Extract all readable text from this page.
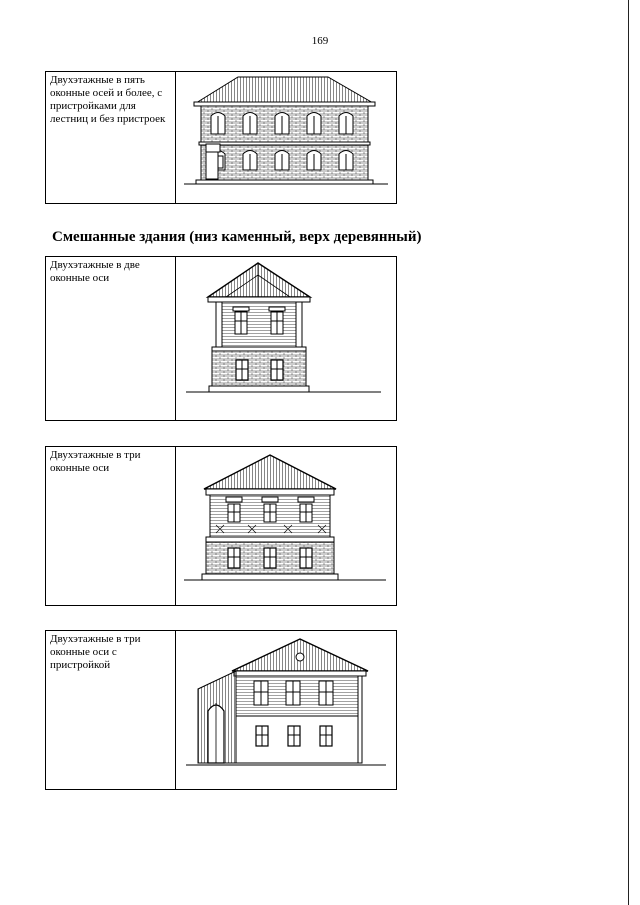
169
Двухэтажные в пять оконные осей и более, с пристройками для лестниц и без пристроек
Смешанные здания (низ каменный, верх деревянный)
Двухэтажные в две оконные оси
Двухэтажные в три оконные оси
Двухэтажные в три оконные оси с пристройкой
